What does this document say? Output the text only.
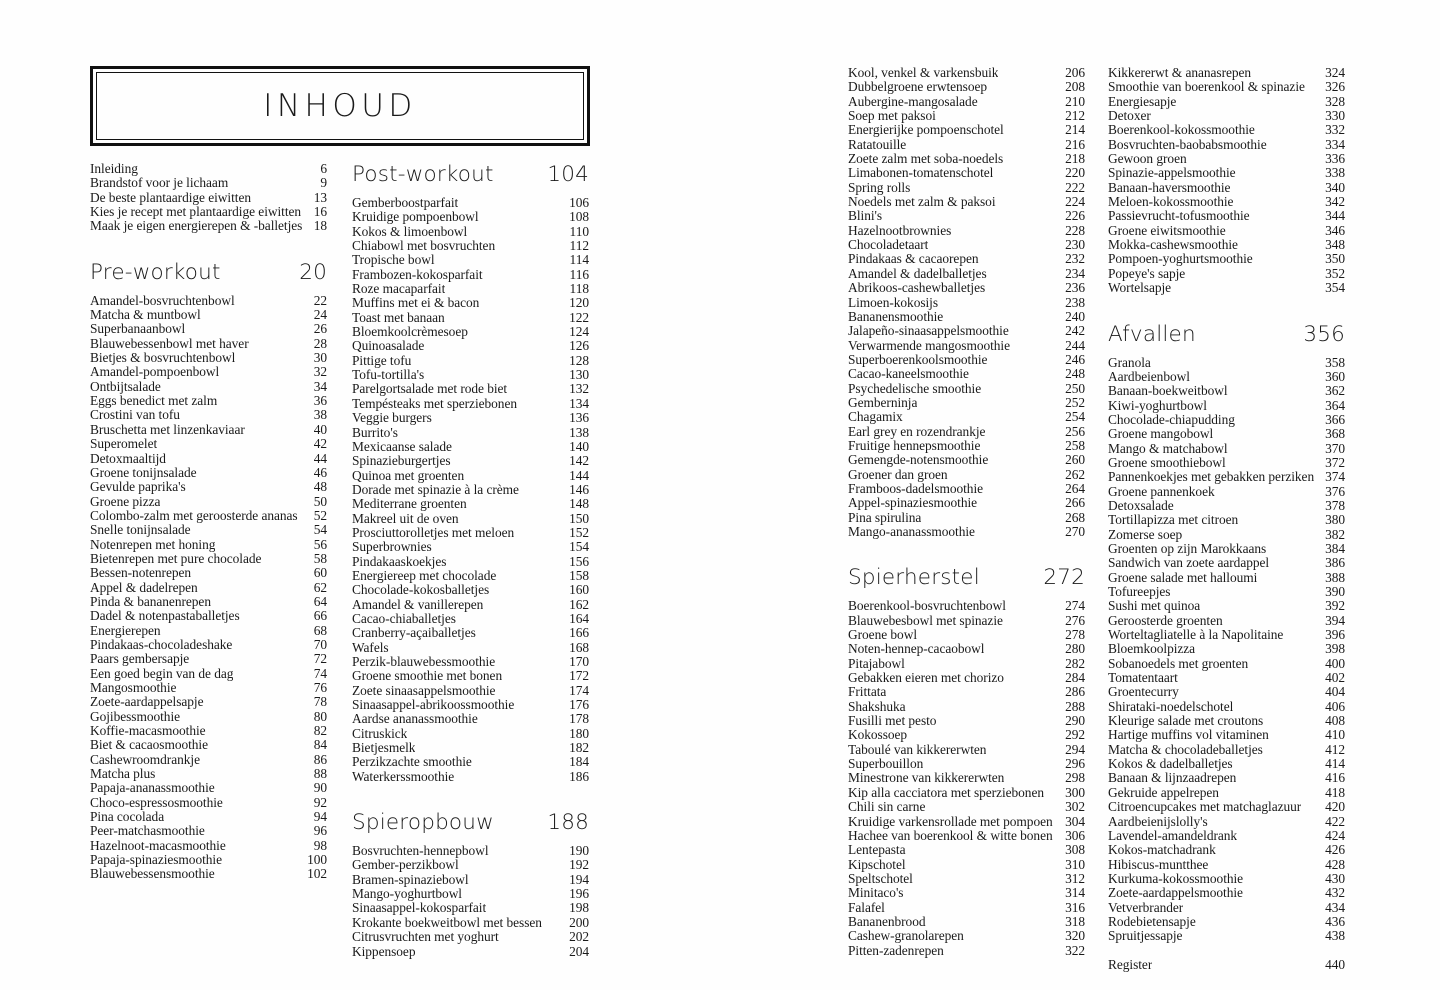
INHOUD
Inleiding	6
Brandstof voor je lichaam	9
De beste plantaardige eiwitten	13
Kies je recept met plantaardige eiwitten 16
Maak je eigen energierepen & -balletjes 18
Pre-workout	20
Amandel-bosvruchtenbowl	22
Matcha & muntbowl	24
Superbanaanbowl	26
Blauwebessenbowl met haver	28
Bietjes & bosvruchtenbowl	30
Amandel-pompoenbowl	32
Ontbijtsalade	34
Eggs benedict met zalm	36
Crostini van tofu	38
Bruschetta met linzenkaviaar	40
Superomelet	42
Detoxmaaltijd	44
Groene tonijnsalade	46
Gevulde paprika's	48
Groene pizza	50
Colombo-zalm met geroosterde ananas 52
Snelle tonijnsalade	54
Notenrepen met honing	56
Bietenrepen met pure chocolade	58
Bessen-notenrepen	60
Appel & dadelrepen	62
Pinda & bananenrepen	64
Dadel & notenpastaballetjes	66
Energierepen	68
Pindakaas-chocoladeshake	70
Paars gembersapje	72
Een goed begin van de dag	74
Mangosmoothie	76
Zoete-aardappelsapje	78
Gojibessmoothie	80
Koffie-macasmoothie	82
Biet & cacaosmoothie	84
Cashewroomdrankje	86
Matcha plus	88
Papaja-ananassmoothie	90
Choco-espressosmoothie	92
Pina cocolada	94
Peer-matchasmoothie	96
Hazelnoot-macasmoothie	98
Papaja-spinaziesmoothie	100
Blauwebessensmoothie	102
Post-workout 104
Gemberboostparfait	106
Kruidige pompoenbowl	108
Kokos & limoenbowl	110
Chiabowl met bosvruchten	112
Tropische bowl	114
Frambozen-kokosparfait	116
Roze macaparfait	118
Muffins met ei & bacon	120
Toast met banaan	122
Bloemkoolcrèmesoep	124
Quinoasalade	126
Pittige tofu	128
Tofu-tortilla's	130
Parelgortsalade met rode biet	132
Tempésteaks met sperziebonen	134
Veggie burgers	136
Burrito's	138
Mexicaanse salade	140
Spinazieburgertjes	142
Quinoa met groenten	144
Dorade met spinazie à la crème	146
Mediterrane groenten	148
Makreel uit de oven	150
Prosciuttorolletjes met meloen	152
Superbrownies	154
Pindakaaskoekjes	156
Energiereep met chocolade	158
Chocolade-kokosballetjes	160
Amandel & vanillerepen	162
Cacao-chiaballetjes	164
Cranberry-açaiballetjes	166
Wafels	168
Perzik-blauwebessmoothie	170
Groene smoothie met bonen	172
Zoete sinaasappelsmoothie	174
Sinaasappel-abrikoossmoothie	176
Aardse ananassmoothie	178
Citruskick	180
Bietjesmelk	182
Perzikzachte smoothie	184
Waterkerssmoothie	186
Spieropbouw 188
Bosvruchten-hennepbowl	190
Gember-perzikbowl	192
Bramen-spinaziebowl	194
Mango-yoghurtbowl	196
Sinaasappel-kokosparfait	198
Krokante boekweitbowl met bessen 200
Citrusvruchten met yoghurt	202
Kippensoep	204
Kool, venkel & varkensbuik	206
Dubbelgroene erwtensoep	208
Aubergine-mangosalade	210
Soep met paksoi	212
Energierijke pompoenschotel	214
Ratatouille	216
Zoete zalm met soba-noedels	218
Limabonen-tomatenschotel	220
Spring rolls	222
Noedels met zalm & paksoi	224
Blini's	226
Hazelnootbrownies	228
Chocoladetaart	230
Pindakaas & cacaorepen	232
Amandel & dadelballetjes	234
Abrikoos-cashewballetjes	236
Limoen-kokosijs	238
Bananensmoothie	240
Jalapeño-sinaasappelsmoothie	242
Verwarmende mangosmoothie	244
Superboerenkoolsmoothie	246
Cacao-kaneelsmoothie	248
Psychedelische smoothie	250
Gemberninja	252
Chagamix	254
Earl grey en rozendrankje	256
Fruitige hennepsmoothie	258
Gemengde-notensmoothie	260
Groener dan groen	262
Framboos-dadelsmoothie	264
Appel-spinaziesmoothie	266
Pina spirulina	268
Mango-ananassmoothie	270
Spierherstel	272
Boerenkool-bosvruchtenbowl	274
Blauwebesbowl met spinazie	276
Groene bowl	278
Noten-hennep-cacaobowl	280
Pitajabowl	282
Gebakken eieren met chorizo	284
Frittata	286
Shakshuka	288
Fusilli met pesto	290
Kokossoep	292
Taboulé van kikkererwten	294
Superbouillon	296
Minestrone van kikkererwten	298
Kip alla cacciatora met sperziebonen 300
Chili sin carne	302
Kruidige varkensrollade met pompoen 304
Hachee van boerenkool & witte bonen 306
Lentepasta	308
Kipschotel	310
Speltschotel	312
Minitaco's	314
Falafel	316
Bananenbrood	318
Cashew-granolarepen	320
Pitten-zadenrepen	322
Kikkererwt & ananasrepen	324
Smoothie van boerenkool & spinazie 326
Energiesapje	328
Detoxer	330
Boerenkool-kokossmoothie	332
Bosvruchten-baobabsmoothie	334
Gewoon groen	336
Spinazie-appelsmoothie	338
Banaan-haversmoothie	340
Meloen-kokossmoothie	342
Passievrucht-tofusmoothie	344
Groene eiwitsmoothie	346
Mokka-cashewsmoothie	348
Pompoen-yoghurtsmoothie	350
Popeye's sapje	352
Wortelsapje	354
Afvallen	356
Granola	358
Aardbeienbowl	360
Banaan-boekweitbowl	362
Kiwi-yoghurtbowl	364
Chocolade-chiapudding	366
Groene mangobowl	368
Mango & matchabowl	370
Groene smoothiebowl	372
Pannenkoekjes met gebakken perziken 374
Groene pannenkoek	376
Detoxsalade	378
Tortillapizza met citroen	380
Zomerse soep	382
Groenten op zijn Marokkaans	384
Sandwich van zoete aardappel	386
Groene salade met halloumi	388
Tofureepjes	390
Sushi met quinoa	392
Geroosterde groenten	394
Worteltagliatelle à la Napolitaine	396
Bloemkoolpizza	398
Sobanoedels met groenten	400
Tomatentaart	402
Groentecurry	404
Shirataki-noedelschotel	406
Kleurige salade met croutons	408
Hartige muffins vol vitaminen	410
Matcha & chocoladeballetjes	412
Kokos & dadelballetjes	414
Banaan & lijnzaadrepen	416
Gekruide appelrepen	418
Citroencupcakes met matchaglazuur 420
Aardbeienijslolly's	422
Lavendel-amandeldrank	424
Kokos-matchadrank	426
Hibiscus-muntthee	428
Kurkuma-kokossmoothie	430
Zoete-aardappelsmoothie	432
Vetverbrander	434
Rodebietensapje	436
Spruitjessapje	438
Register	440
